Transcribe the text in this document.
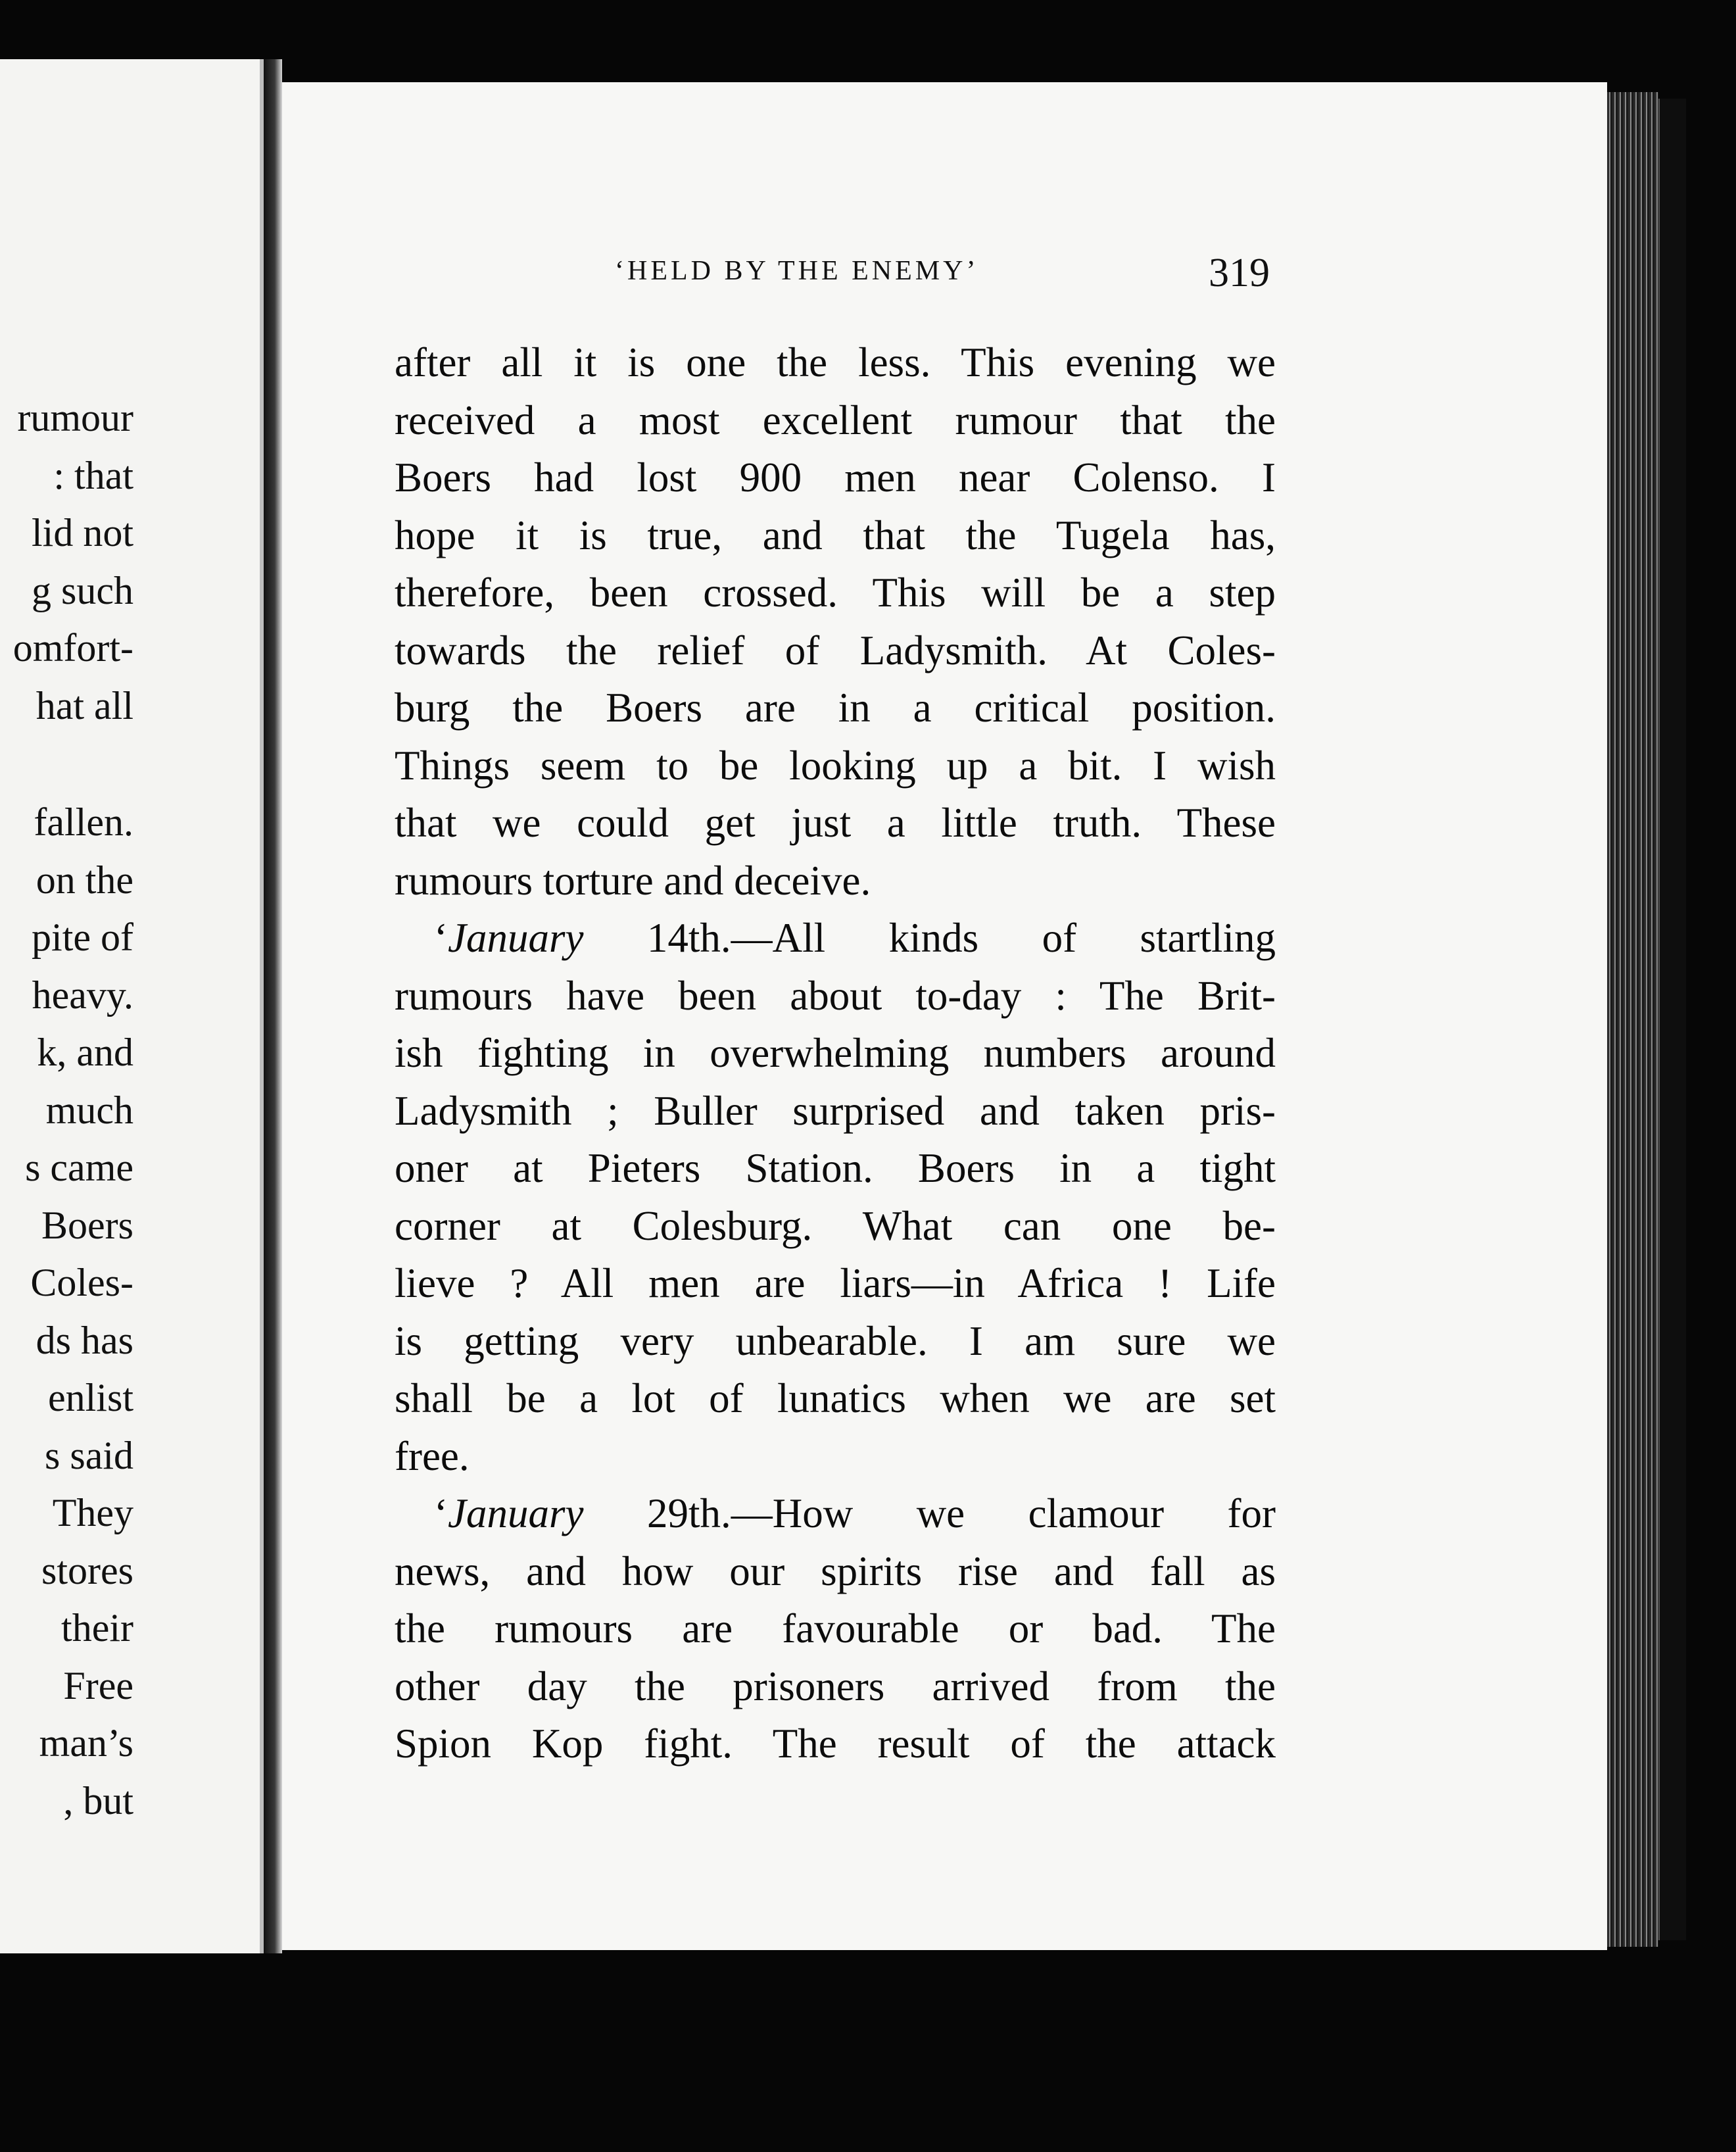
rumour
: that
lid not
g such
omfort-
hat all
fallen.
on the
pite of
heavy.
k, and
much
s came
Boers
Coles-
ds has
enlist
s said
They
stores
their
Free
man’s
, but
‘HELD BY THE ENEMY’	319
after all it is one the less. This evening we
received a most excellent rumour that the
Boers had lost 900 men near Colenso. I
hope it is true, and that the Tugela has,
therefore, been crossed. This will be a step
towards the relief of Ladysmith. At Coles-
burg the Boers are in a critical position.
Things seem to be looking up a bit. I wish
that we could get just a little truth. These
rumours torture and deceive.
‘January 14th.—All kinds of startling
rumours have been about to-day : The Brit-
ish fighting in overwhelming numbers around
Ladysmith ; Buller surprised and taken pris-
oner at Pieters Station. Boers in a tight
corner at Colesburg. What can one be-
lieve ? All men are liars—in Africa ! Life
is getting very unbearable. I am sure we
shall be a lot of lunatics when we are set
free.
‘January 29th.—How we clamour for
news, and how our spirits rise and fall as
the rumours are favourable or bad. The
other day the prisoners arrived from the
Spion Kop fight. The result of the attack
